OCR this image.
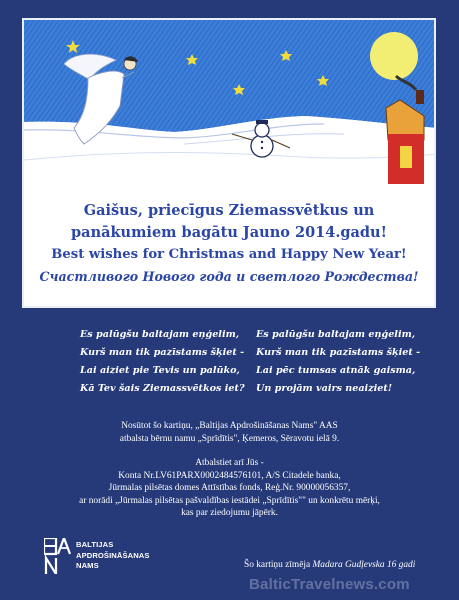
Gaišus, priecīgus Ziemassvētkus un
panākumiem bagātu Jauno 2014.gadu!
Best wishes for Christmas and Happy New Year!
Счастливого Нового года и светлого Рождества!
Es palūgšu baltajam eņģelim,
Kurš man tik pazīstams šķiet -
Lai aiziet pie Tevis un palūko,
Kā Tev šais Ziemassvētkos iet?
Es palūgšu baltajam eņģelim,
Kurš man tik pazīstams šķiet -
Lai pēc tumsas atnāk gaisma,
Un projām vairs neaiziet!
Nosūtot šo kartiņu, „Baltijas Apdrošināšanas Nams" AAS
atbalsta bērnu namu „Sprīdītis", Ķemeros, Sēravotu ielā 9.
Atbalstiet arī Jūs -
Konta Nr.LV61PARX0002484576101, A/S Citadele banka,
Jūrmalas pilsētas domes Attīstības fonds, Reģ.Nr. 90000056357,
ar norādi „Jūrmalas pilsētas pašvaldības iestādei „Sprīdītis"" un konkrētu mērķi,
kas par ziedojumu jāpērk.
BALTIJAS
APDROŠINĀŠANAS
NAMS	Šo kartiņu zīmēja Madara Gudļevska 16 gadi
BalticTravelnews.com
